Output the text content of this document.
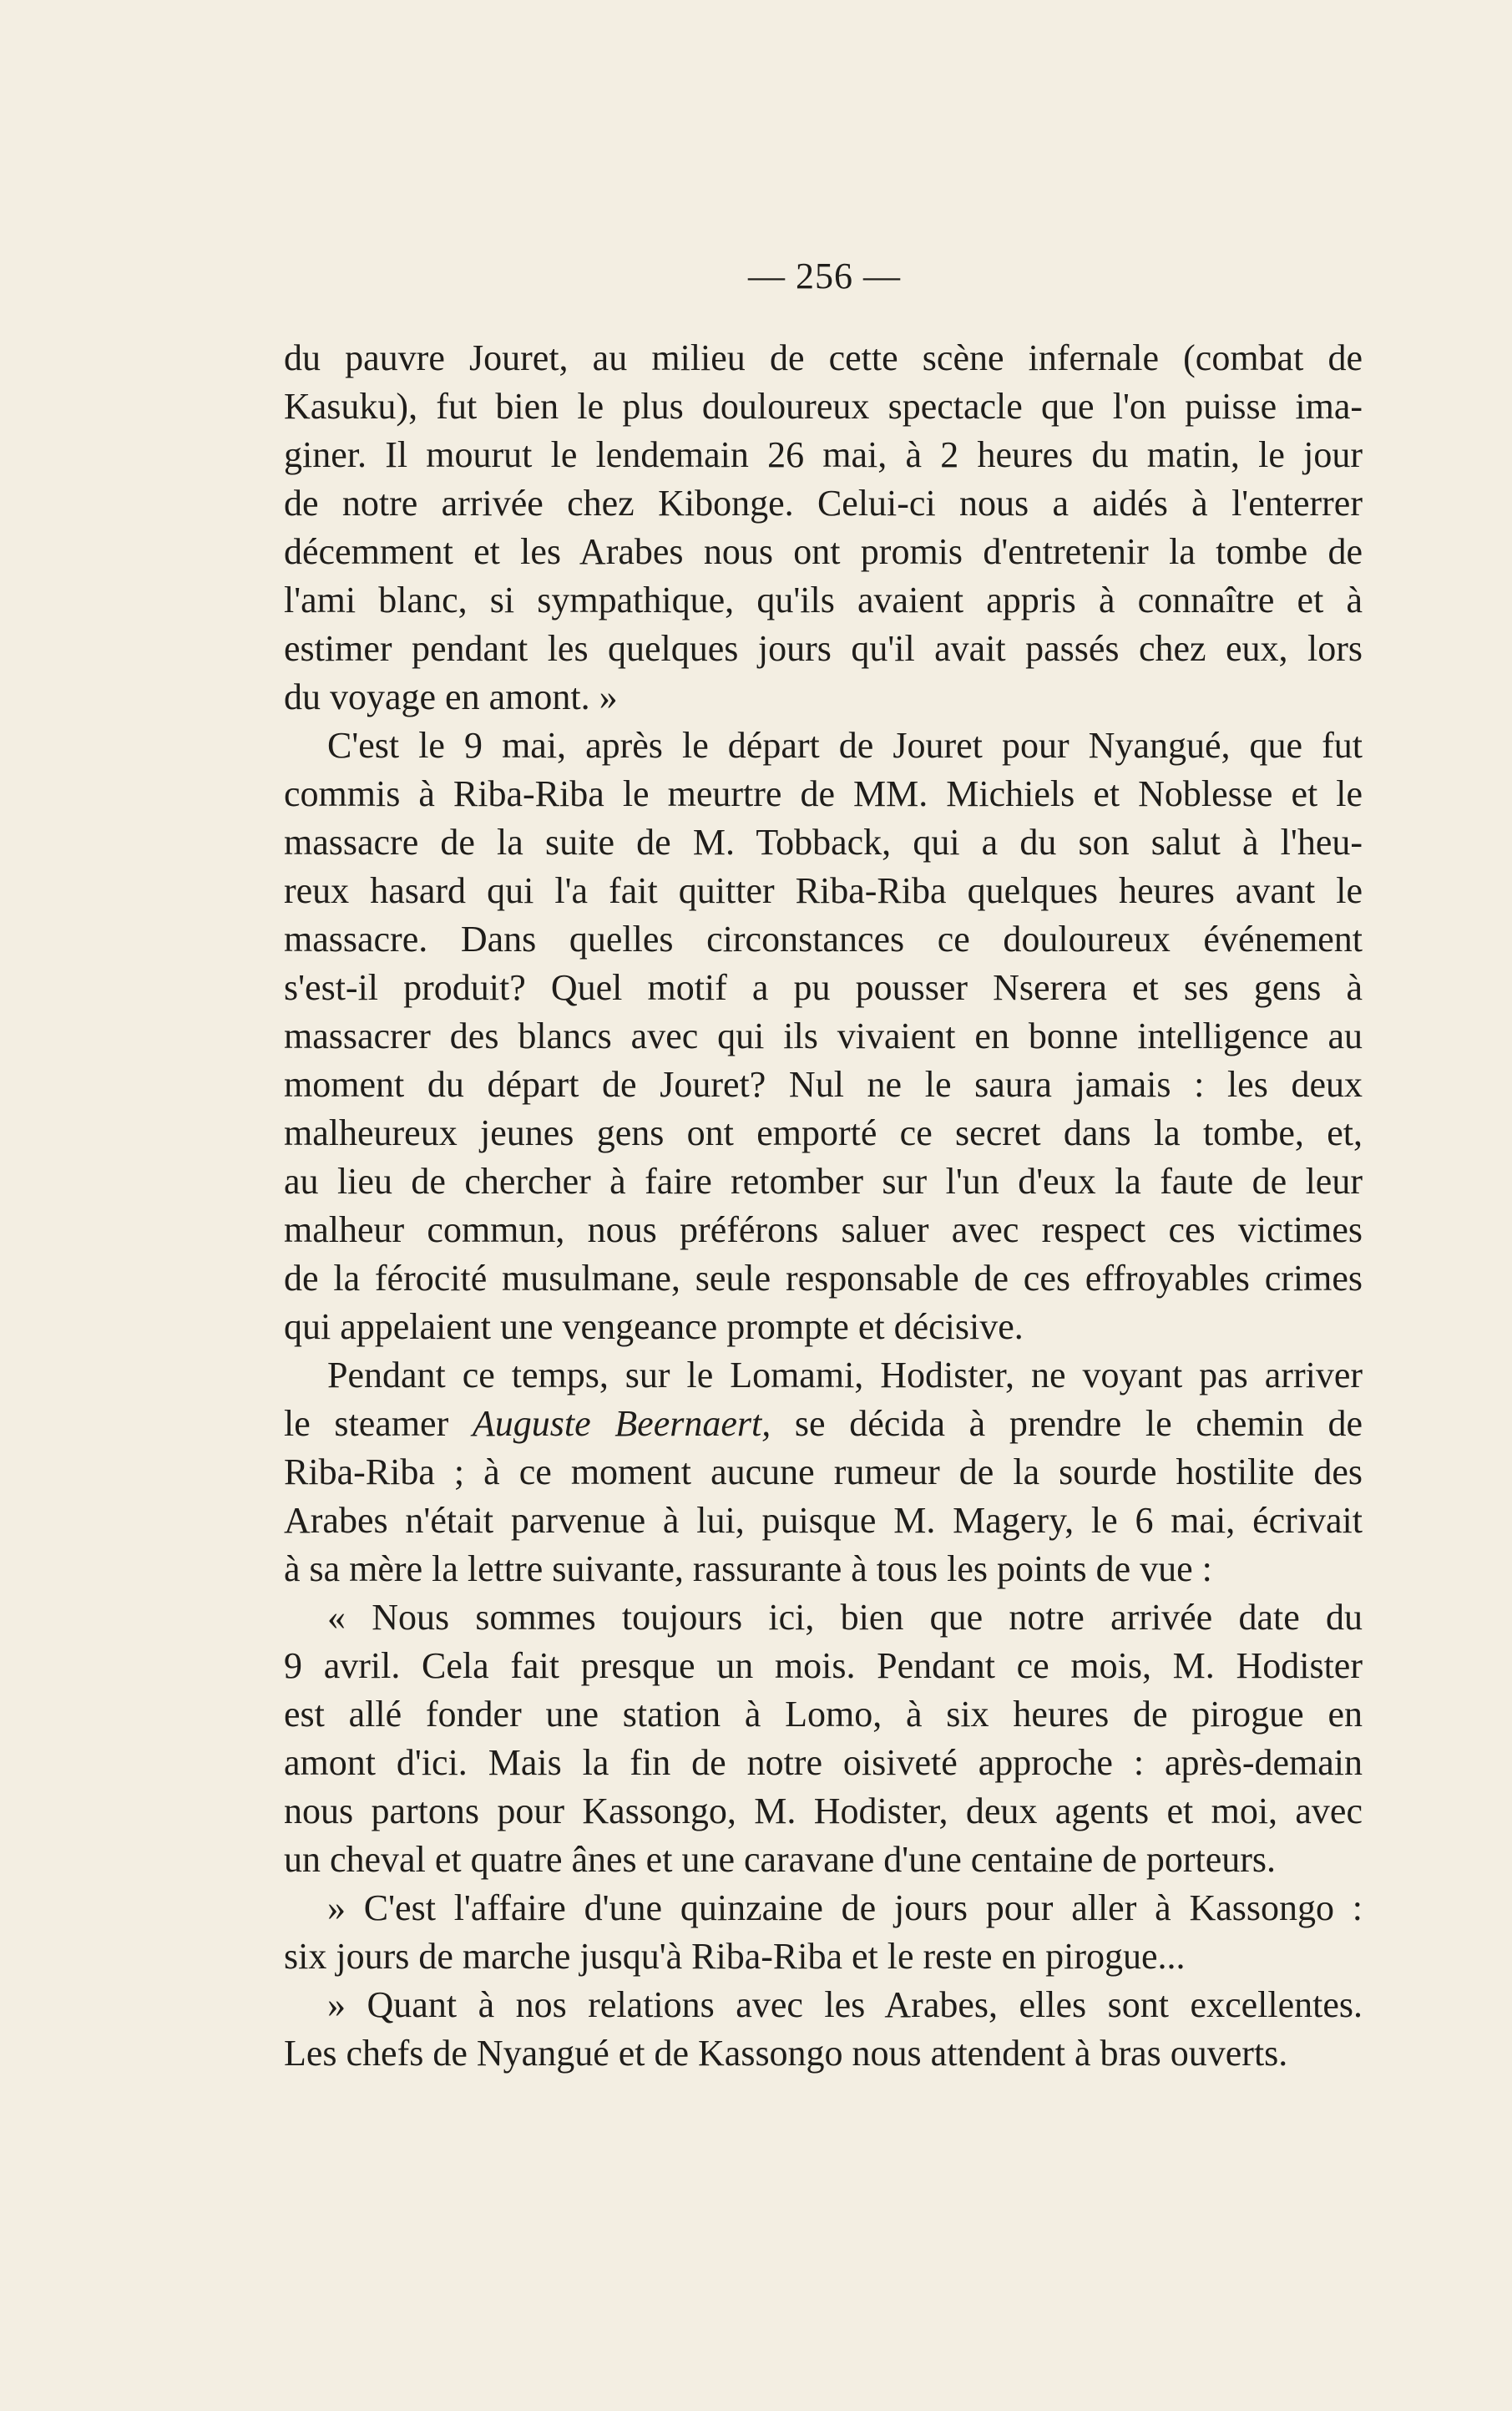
— 256 —
du pauvre Jouret, au milieu de cette scène infernale (combat de
Kasuku), fut bien le plus douloureux spectacle que l'on puisse ima-
giner. Il mourut le lendemain 26 mai, à 2 heures du matin, le jour
de notre arrivée chez Kibonge. Celui-ci nous a aidés à l'enterrer
décemment et les Arabes nous ont promis d'entretenir la tombe de
l'ami blanc, si sympathique, qu'ils avaient appris à connaître et à
estimer pendant les quelques jours qu'il avait passés chez eux, lors
du voyage en amont. »
C'est le 9 mai, après le départ de Jouret pour Nyangué, que fut
commis à Riba-Riba le meurtre de MM. Michiels et Noblesse et le
massacre de la suite de M. Tobback, qui a du son salut à l'heu-
reux hasard qui l'a fait quitter Riba-Riba quelques heures avant le
massacre. Dans quelles circonstances ce douloureux événement
s'est-il produit? Quel motif a pu pousser Nserera et ses gens à
massacrer des blancs avec qui ils vivaient en bonne intelligence au
moment du départ de Jouret? Nul ne le saura jamais : les deux
malheureux jeunes gens ont emporté ce secret dans la tombe, et,
au lieu de chercher à faire retomber sur l'un d'eux la faute de leur
malheur commun, nous préférons saluer avec respect ces victimes
de la férocité musulmane, seule responsable de ces effroyables crimes
qui appelaient une vengeance prompte et décisive.
Pendant ce temps, sur le Lomami, Hodister, ne voyant pas arriver
le steamer Auguste Beernaert, se décida à prendre le chemin de
Riba-Riba ; à ce moment aucune rumeur de la sourde hostilite des
Arabes n'était parvenue à lui, puisque M. Magery, le 6 mai, écrivait
à sa mère la lettre suivante, rassurante à tous les points de vue :
« Nous sommes toujours ici, bien que notre arrivée date du
9 avril. Cela fait presque un mois. Pendant ce mois, M. Hodister
est allé fonder une station à Lomo, à six heures de pirogue en
amont d'ici. Mais la fin de notre oisiveté approche : après-demain
nous partons pour Kassongo, M. Hodister, deux agents et moi, avec
un cheval et quatre ânes et une caravane d'une centaine de porteurs.
» C'est l'affaire d'une quinzaine de jours pour aller à Kassongo :
six jours de marche jusqu'à Riba-Riba et le reste en pirogue...
» Quant à nos relations avec les Arabes, elles sont excellentes.
Les chefs de Nyangué et de Kassongo nous attendent à bras ouverts.
